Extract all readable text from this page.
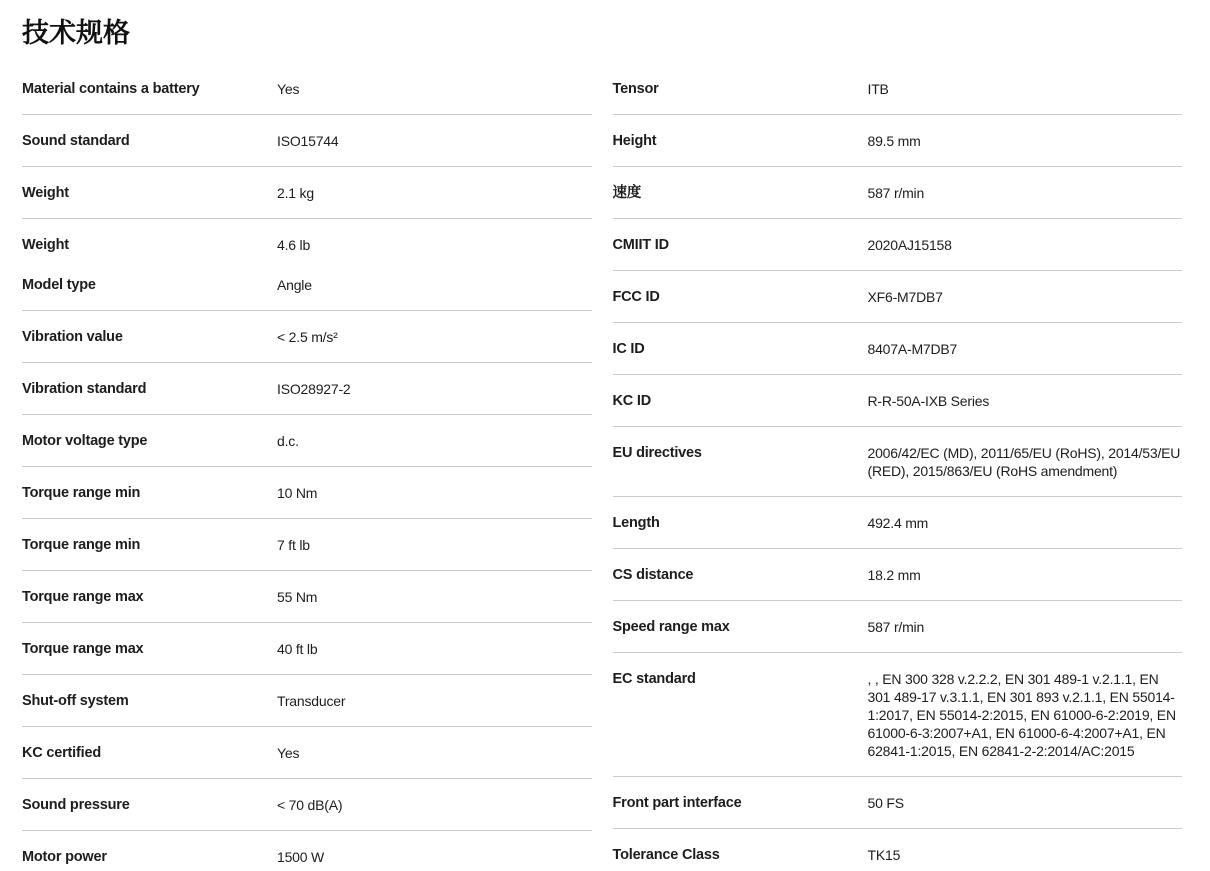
技术规格
Material contains a battery	Yes
Sound standard	ISO15744
Weight	2.1 kg
Weight	4.6 lb
Model type	Angle
Vibration value	< 2.5 m/s²
Vibration standard	ISO28927-2
Motor voltage type	d.c.
Torque range min	10 Nm
Torque range min	7 ft lb
Torque range max	55 Nm
Torque range max	40 ft lb
Shut-off system	Transducer
KC certified	Yes
Sound pressure	< 70 dB(A)
Motor power	1500 W
Tensor	ITB
Height	89.5 mm
速度	587 r/min
CMIIT ID	2020AJ15158
FCC ID	XF6-M7DB7
IC ID	8407A-M7DB7
KC ID	R-R-50A-IXB Series
EU directives	2006/42/EC (MD), 2011/65/EU (RoHS), 2014/53/EU (RED), 2015/863/EU (RoHS amendment)
Length	492.4 mm
CS distance	18.2 mm
Speed range max	587 r/min
EC standard	, , EN 300 328 v.2.2.2, EN 301 489-1 v.2.1.1, EN 301 489-17 v.3.1.1, EN 301 893 v.2.1.1, EN 55014-1:2017, EN 55014-2:2015, EN 61000-6-2:2019, EN 61000-6-3:2007+A1, EN 61000-6-4:2007+A1, EN 62841-1:2015, EN 62841-2-2:2014/AC:2015
Front part interface	50 FS
Tolerance Class	TK15
